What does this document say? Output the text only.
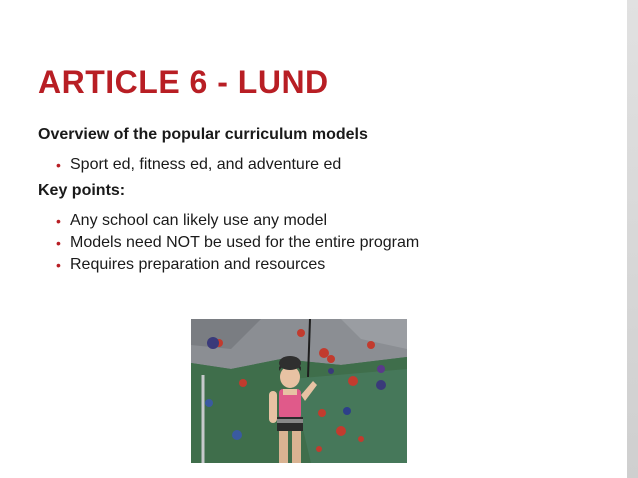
ARTICLE 6 - LUND
Overview of the popular curriculum models
• Sport ed, fitness ed, and adventure ed
Key points:
• Any school can likely use any model
• Models need NOT be used for the entire program
• Requires preparation and resources
